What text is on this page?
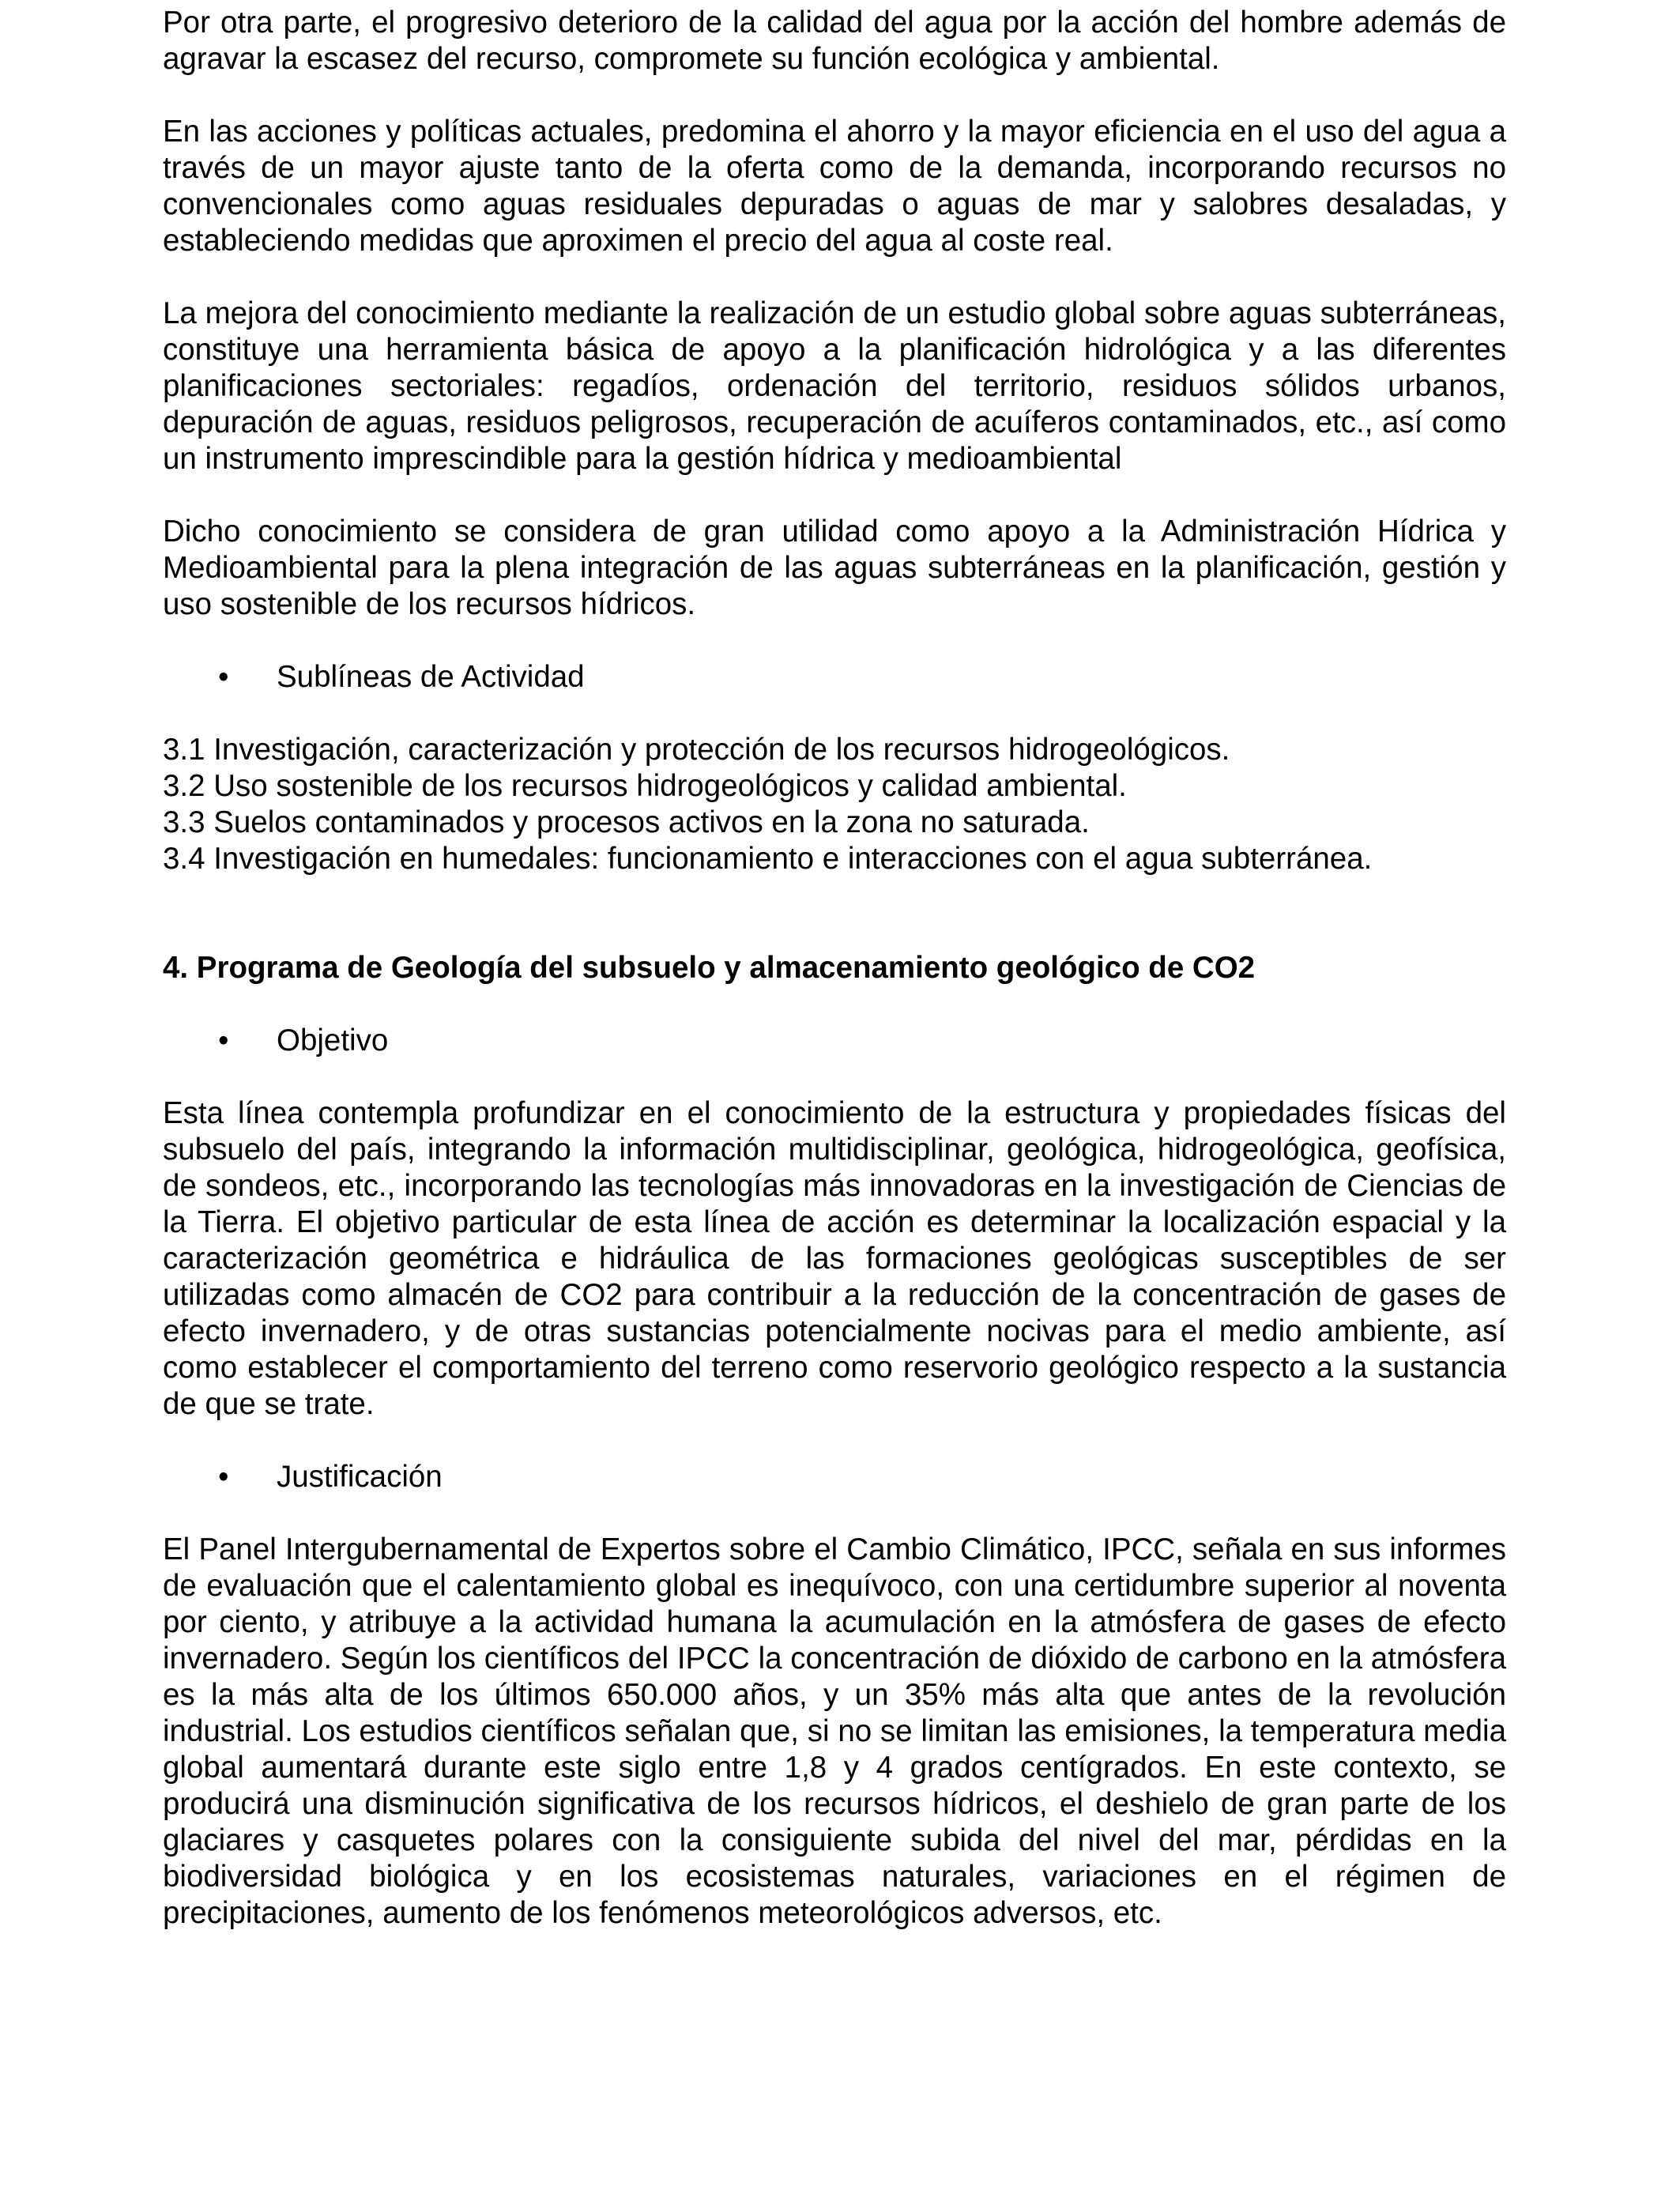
Por otra parte, el progresivo deterioro de la calidad del agua por la acción del hombre además de agravar la escasez del recurso, compromete su función ecológica y ambiental.

En las acciones y políticas actuales, predomina el ahorro y la mayor eficiencia en el uso del agua a través de un mayor ajuste tanto de la oferta como de la demanda, incorporando recursos no convencionales como aguas residuales depuradas o aguas de mar y salobres desaladas, y estableciendo medidas que aproximen el precio del agua al coste real.

La mejora del conocimiento mediante la realización de un estudio global sobre aguas subterráneas, constituye una herramienta básica de apoyo a la planificación hidrológica y a las diferentes planificaciones sectoriales: regadíos, ordenación del territorio, residuos sólidos urbanos, depuración de aguas, residuos peligrosos, recuperación de acuíferos contaminados, etc., así como un instrumento imprescindible para la gestión hídrica y medioambiental

Dicho conocimiento se considera de gran utilidad como apoyo a la Administración Hídrica y Medioambiental para la plena integración de las aguas subterráneas en la planificación, gestión y uso sostenible de los recursos hídricos.

•	Sublíneas de Actividad
3.1 Investigación, caracterización y protección de los recursos hidrogeológicos.
3.2 Uso sostenible de los recursos hidrogeológicos y calidad ambiental.
3.3 Suelos contaminados y procesos activos en la zona no saturada.
3.4 Investigación en humedales: funcionamiento e interacciones con el agua subterránea.
4. Programa de Geología del subsuelo y almacenamiento geológico de CO2
•	Objetivo

Esta línea contempla profundizar en el conocimiento de la estructura y propiedades físicas del subsuelo del país, integrando la información multidisciplinar, geológica, hidrogeológica, geofísica, de sondeos, etc., incorporando las tecnologías más innovadoras en la investigación de Ciencias de la Tierra. El objetivo particular de esta línea de acción es determinar la localización espacial y la caracterización geométrica e hidráulica de las formaciones geológicas susceptibles de ser utilizadas como almacén de CO2 para contribuir a la reducción de la concentración de gases de efecto invernadero, y de otras sustancias potencialmente nocivas para el medio ambiente, así como establecer el comportamiento del terreno como reservorio geológico respecto a la sustancia de que se trate.

•	Justificación

El Panel Intergubernamental de Expertos sobre el Cambio Climático, IPCC, señala en sus informes de evaluación que el calentamiento global es inequívoco, con una certidumbre superior al noventa por ciento, y atribuye a la actividad humana la acumulación en la atmósfera de gases de efecto invernadero. Según los científicos del IPCC la concentración de dióxido de carbono en la atmósfera es la más alta de los últimos 650.000 años, y un 35% más alta que antes de la revolución industrial. Los estudios científicos señalan que, si no se limitan las emisiones, la temperatura media global aumentará durante este siglo entre 1,8 y 4 grados centígrados. En este contexto, se producirá una disminución significativa de los recursos hídricos, el deshielo de gran parte de los glaciares y casquetes polares con la consiguiente subida del nivel del mar, pérdidas en la biodiversidad biológica y en los ecosistemas naturales, variaciones en el régimen de precipitaciones, aumento de los fenómenos meteorológicos adversos, etc.
